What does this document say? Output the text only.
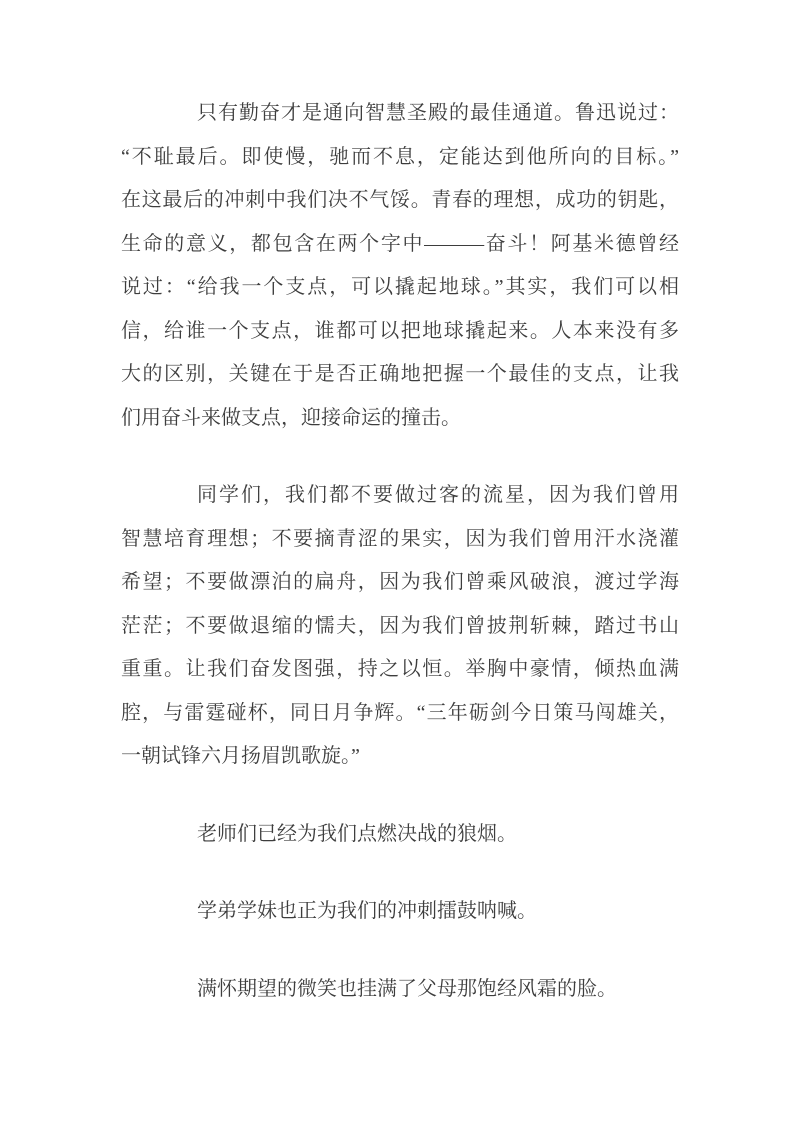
只有勤奋才是通向智慧圣殿的最佳通道。鲁迅说过：
“不耻最后。即使慢，驰而不息，定能达到他所向的目标。”
在这最后的冲刺中我们决不气馁。青春的理想，成功的钥匙，
生命的意义，都包含在两个字中———奋斗！阿基米德曾经
说过：“给我一个支点，可以撬起地球。”其实，我们可以相
信，给谁一个支点，谁都可以把地球撬起来。人本来没有多
大的区别，关键在于是否正确地把握一个最佳的支点，让我
们用奋斗来做支点，迎接命运的撞击。
同学们，我们都不要做过客的流星，因为我们曾用
智慧培育理想；不要摘青涩的果实，因为我们曾用汗水浇灌
希望；不要做漂泊的扁舟，因为我们曾乘风破浪，渡过学海
茫茫；不要做退缩的懦夫，因为我们曾披荆斩棘，踏过书山
重重。让我们奋发图强，持之以恒。举胸中豪情，倾热血满
腔，与雷霆碰杯，同日月争辉。“三年砺剑今日策马闯雄关，
一朝试锋六月扬眉凯歌旋。”
老师们已经为我们点燃决战的狼烟。
学弟学妹也正为我们的冲刺擂鼓呐喊。
满怀期望的微笑也挂满了父母那饱经风霜的脸。
